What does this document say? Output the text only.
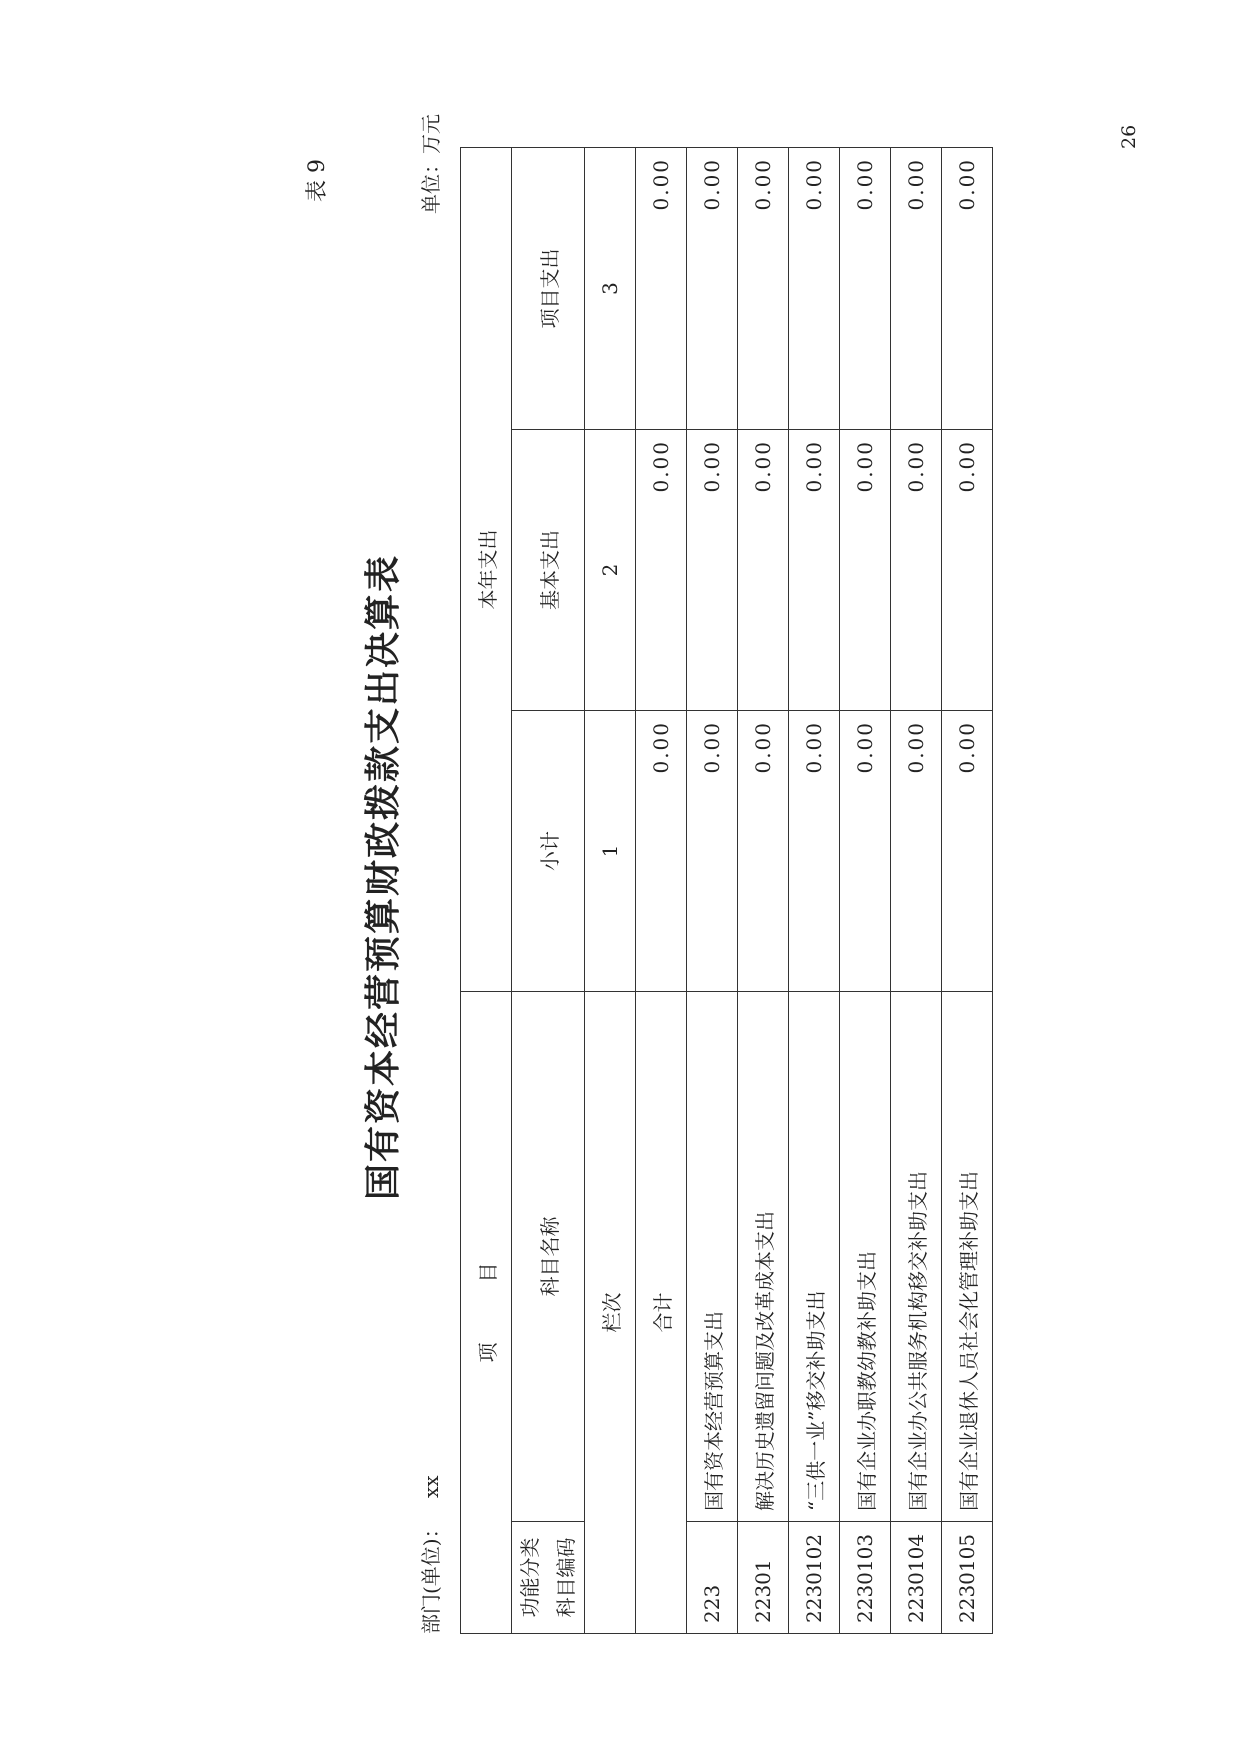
表 9
国有资本经营预算财政拨款支出决算表
部门(单位)： xx
单位：万元
项　　　目		本年支出		

功能分类 科目编码	科目名称	小计	基本支出	项目支出

栏次		1	2	3
合计		0.00	0.00	0.00
223	国有资本经营预算支出	0.00	0.00	0.00
22301	解决历史遗留问题及改革成本支出	0.00	0.00	0.00
2230102	“三供一业”移交补助支出	0.00	0.00	0.00
2230103	国有企业办职教幼教补助支出	0.00	0.00	0.00
2230104	国有企业办公共服务机构移交补助支出	0.00	0.00	0.00
2230105	国有企业退休人员社会化管理补助支出	0.00	0.00	0.00
26
